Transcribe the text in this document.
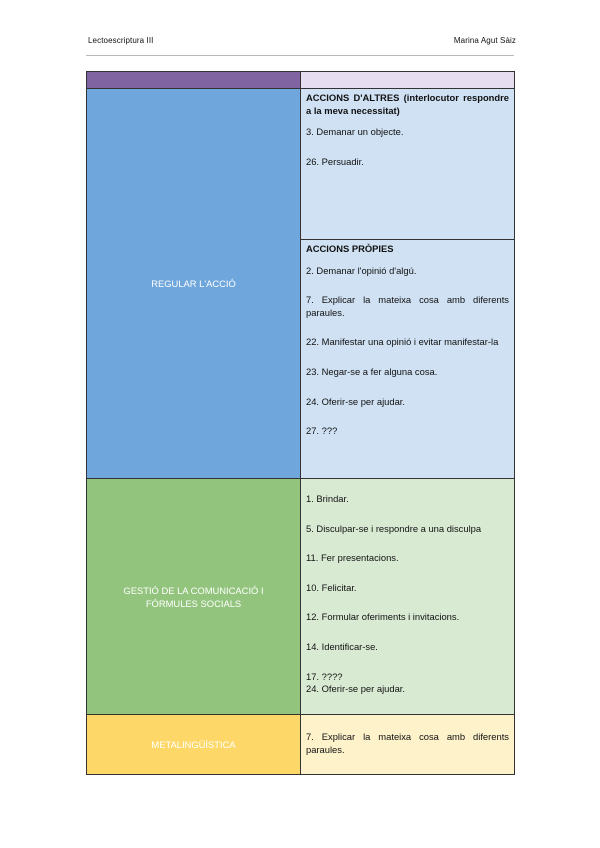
Lectoescriptura III	Marina Agut Sàiz
REGULAR L'ACCIÓ

ACCIONS D'ALTRES (interlocutor respondre a la meva necessitat)

3. Demanar un objecte.

26. Persuadir.

ACCIONS PRÒPIES

2. Demanar l'opinió d'algú.

7. Explicar la mateixa cosa amb diferents paraules.

22. Manifestar una opinió i evitar manifestar-la

23. Negar-se a fer alguna cosa.

24. Oferir-se per ajudar.

27. ???

GESTIÓ DE LA COMUNICACIÓ I FÓRMULES SOCIALS

1. Brindar.

5. Disculpar-se i respondre a una disculpa

11. Fer presentacions.

10. Felicitar.

12. Formular oferiments i invitacions.

14. Identificar-se.

17. ????

24. Oferir-se per ajudar.

METALINGÜÍSTICA

7. Explicar la mateixa cosa amb diferents paraules.
